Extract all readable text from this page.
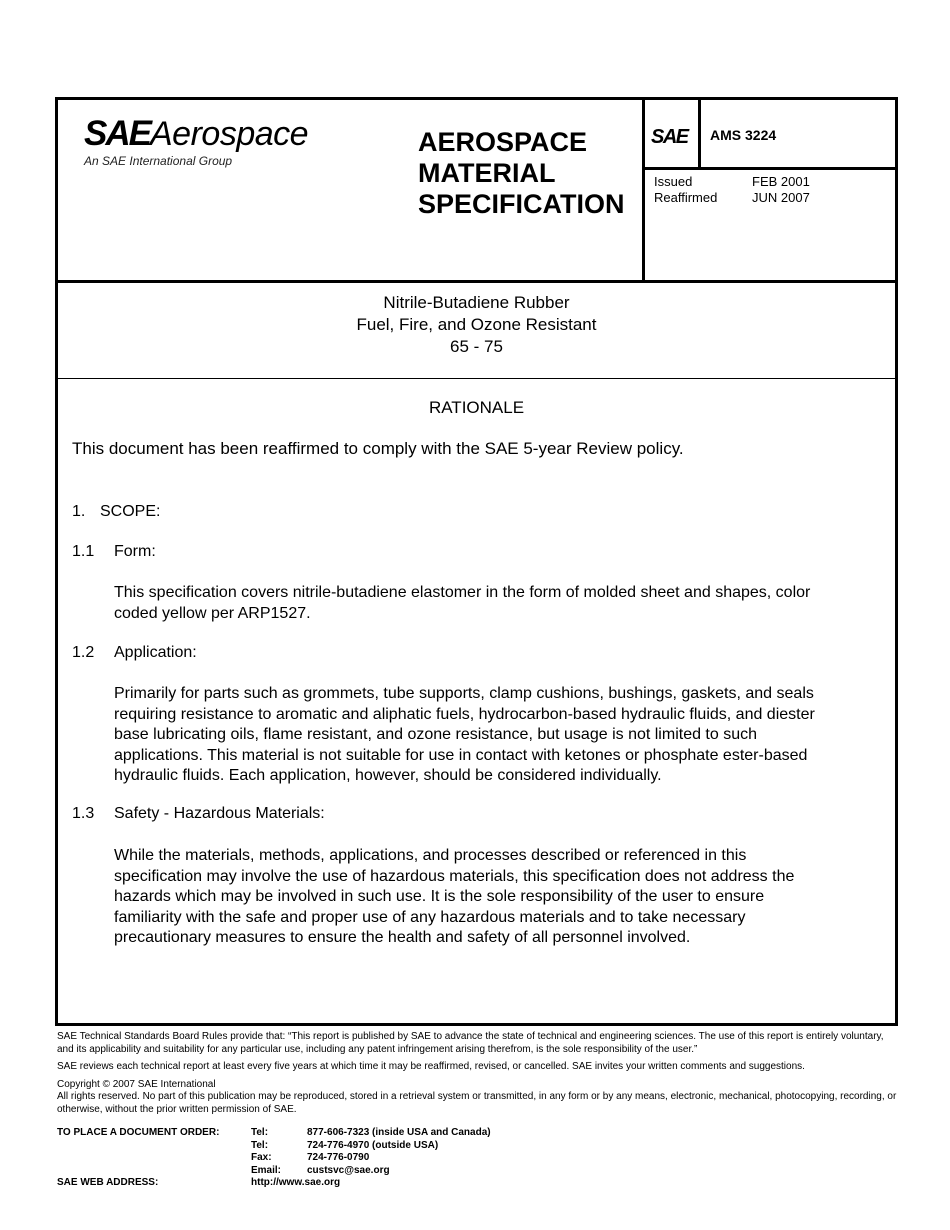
SAE Aerospace
An SAE International Group
AEROSPACE
MATERIAL
SPECIFICATION
SAE AMS 3224
Issued	FEB 2001
Reaffirmed	JUN 2007
Nitrile-Butadiene Rubber
Fuel, Fire, and Ozone Resistant
65 - 75
RATIONALE
This document has been reaffirmed to comply with the SAE 5-year Review policy.
1. SCOPE:
1.1 Form:
This specification covers nitrile-butadiene elastomer in the form of molded sheet and shapes, color
coded yellow per ARP1527.
1.2 Application:
Primarily for parts such as grommets, tube supports, clamp cushions, bushings, gaskets, and seals
requiring resistance to aromatic and aliphatic fuels, hydrocarbon-based hydraulic fluids, and diester
base lubricating oils, flame resistant, and ozone resistance, but usage is not limited to such
applications. This material is not suitable for use in contact with ketones or phosphate ester-based
hydraulic fluids. Each application, however, should be considered individually.
1.3 Safety - Hazardous Materials:
While the materials, methods, applications, and processes described or referenced in this
specification may involve the use of hazardous materials, this specification does not address the
hazards which may be involved in such use. It is the sole responsibility of the user to ensure
familiarity with the safe and proper use of any hazardous materials and to take necessary
precautionary measures to ensure the health and safety of all personnel involved.

SAE Technical Standards Board Rules provide that: “This report is published by SAE to advance the state of technical and engineering sciences. The use of this report is entirely voluntary, and its applicability and suitability for any particular use, including any patent infringement arising therefrom, is the sole responsibility of the user.”

SAE reviews each technical report at least every five years at which time it may be reaffirmed, revised, or cancelled. SAE invites your written comments and suggestions.

Copyright © 2007 SAE International
All rights reserved. No part of this publication may be reproduced, stored in a retrieval system or transmitted, in any form or by any means, electronic, mechanical, photocopying, recording, or otherwise, without the prior written permission of SAE.
TO PLACE A DOCUMENT ORDER:	Tel:	877-606-7323 (inside USA and Canada)
Tel:	724-776-4970 (outside USA)
Fax:	724-776-0790
Email:	custsvc@sae.org
SAE WEB ADDRESS:	http://www.sae.org
